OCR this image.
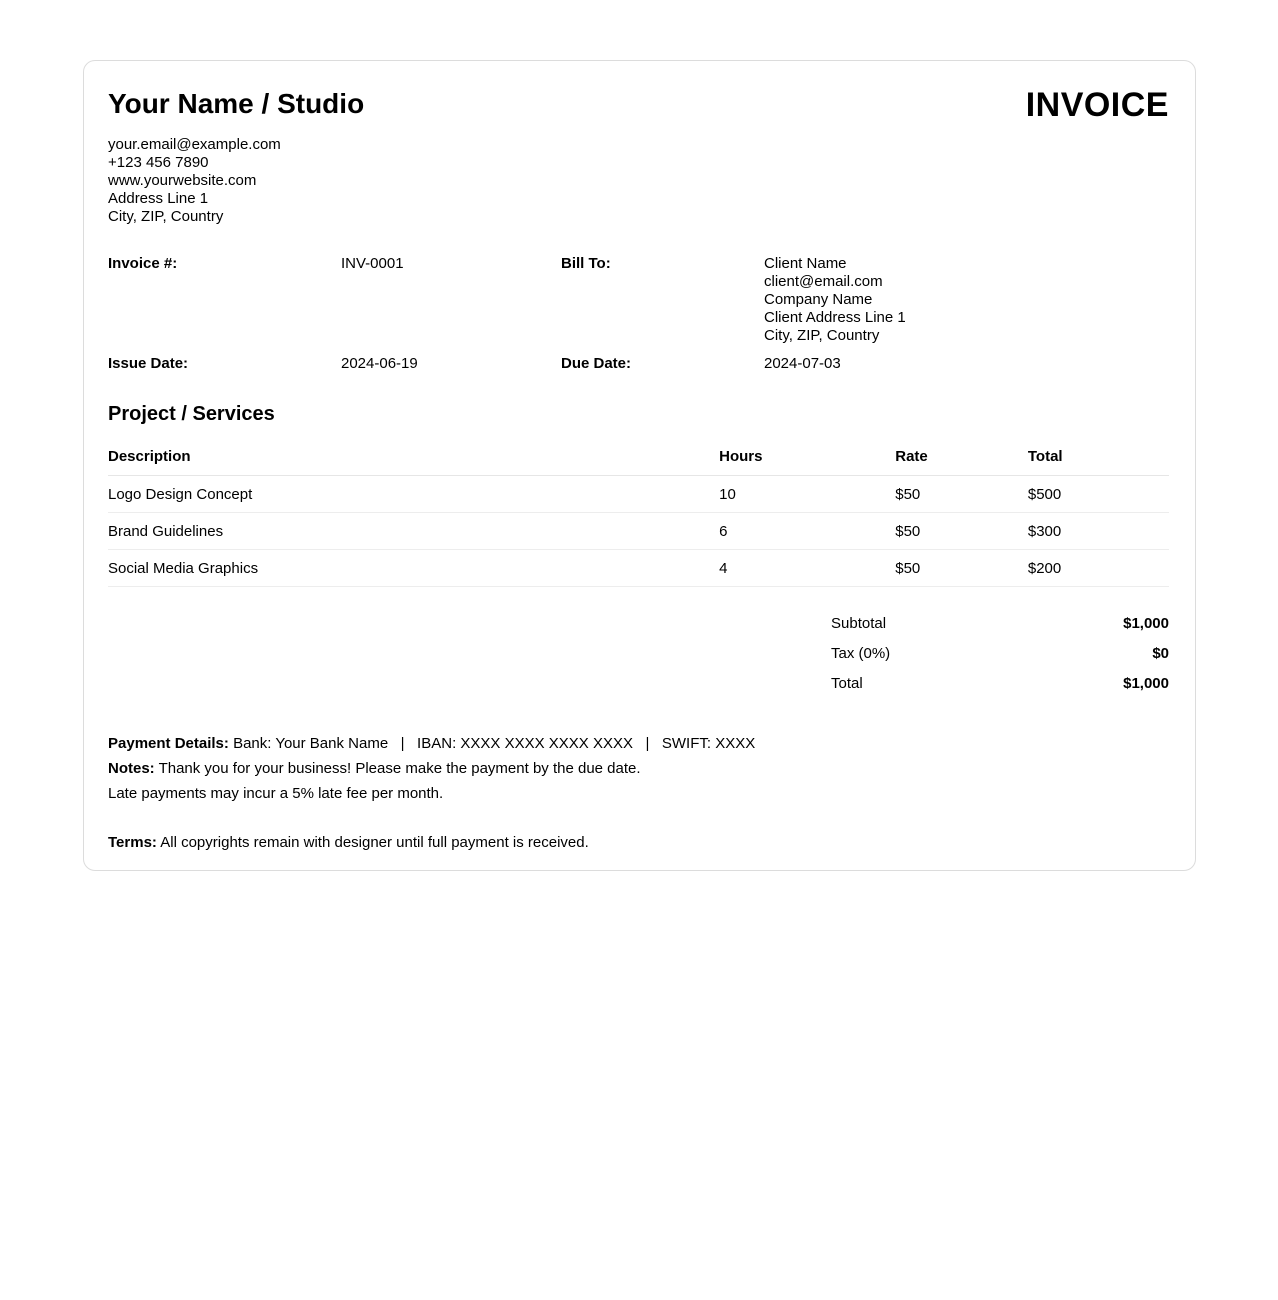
Your Name / Studio	INVOICE
your.email@example.com
+123 456 7890
www.yourwebsite.com
Address Line 1
City, ZIP, Country
Invoice #:	INV-0001	Bill To:	Client Name
client@email.com
Company Name
Client Address Line 1
City, ZIP, Country
Issue Date:	2024-06-19	Due Date:	2024-07-03
Project / Services
Description	Hours	Rate	Total
Logo Design Concept	10	$50	$500
Brand Guidelines	6	$50	$300
Social Media Graphics	4	$50	$200
Subtotal	$1,000
Tax (0%)	$0
Total	$1,000
Payment Details: Bank: Your Bank Name   |   IBAN: XXXX XXXX XXXX XXXX   |   SWIFT: XXXX
Notes: Thank you for your business! Please make the payment by the due date.
Late payments may incur a 5% late fee per month.
Terms: All copyrights remain with designer until full payment is received.
